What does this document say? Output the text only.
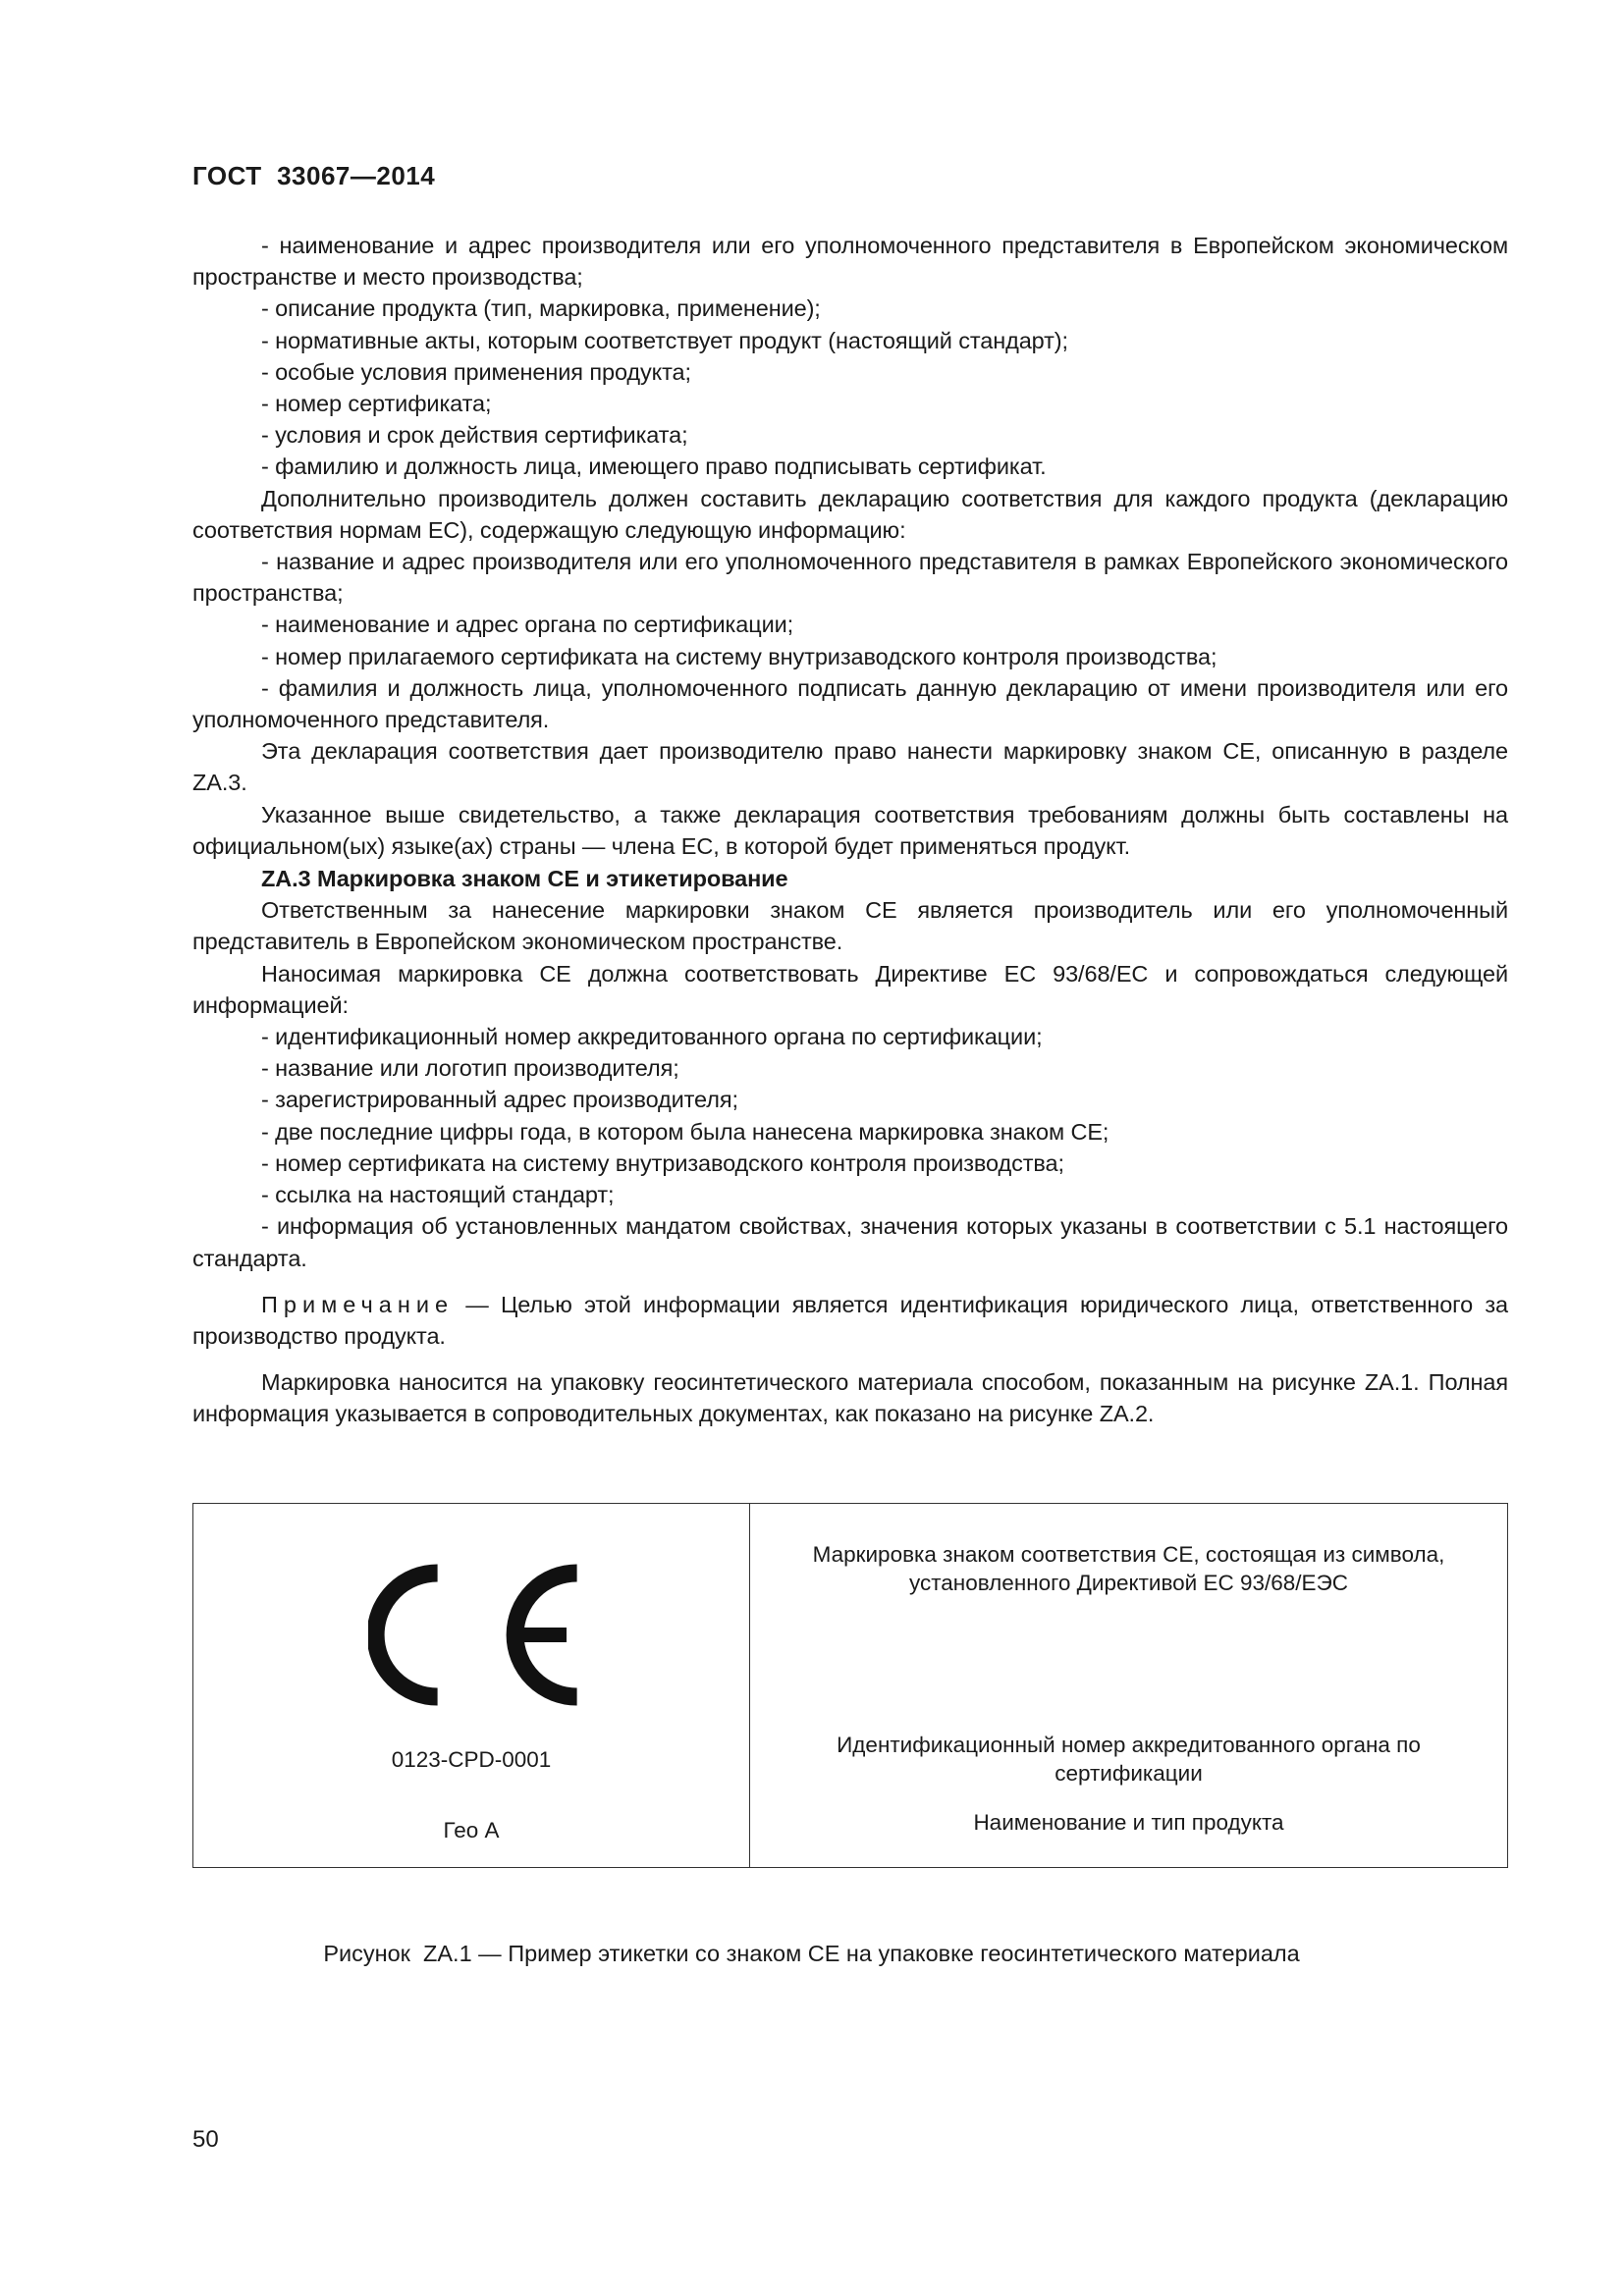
ГОСТ  33067—2014

- наименование и адрес производителя или его уполномоченного представителя в Европейском экономическом пространстве и место производства;

- описание продукта (тип, маркировка, применение);

- нормативные акты, которым соответствует продукт (настоящий стандарт);

- особые условия применения продукта;

- номер сертификата;

- условия и срок действия сертификата;

- фамилию и должность лица, имеющего право подписывать сертификат.

Дополнительно производитель должен составить декларацию соответствия для каждого продукта (декларацию соответствия нормам ЕС), содержащую следующую информацию:

- название и адрес производителя или его уполномоченного представителя в рамках Европейского экономического пространства;

- наименование и адрес органа по сертификации;

- номер прилагаемого сертификата на систему внутризаводского контроля производства;

- фамилия и должность лица, уполномоченного подписать данную декларацию от имени производителя или его уполномоченного представителя.

Эта декларация соответствия дает производителю право нанести маркировку знаком СЕ, описанную в разделе ZA.3.

Указанное выше свидетельство, а также декларация соответствия требованиям должны быть составлены на официальном(ых) языке(ах) страны — члена ЕС, в которой будет применяться продукт.

ZA.3 Маркировка знаком СЕ и этикетирование

Ответственным за нанесение маркировки знаком СЕ является производитель или его уполномоченный представитель в Европейском экономическом пространстве.

Наносимая маркировка СЕ должна соответствовать Директиве ЕС 93/68/ЕС и сопровождаться следующей информацией:

- идентификационный номер аккредитованного органа по сертификации;

- название или логотип производителя;

- зарегистрированный адрес производителя;

- две последние цифры года, в котором была нанесена маркировка знаком СЕ;

- номер сертификата на систему внутризаводского контроля производства;

- ссылка на настоящий стандарт;

- информация об установленных мандатом свойствах, значения которых указаны в соответствии с 5.1 настоящего стандарта.

Примечание — Целью этой информации является идентификация юридического лица, ответственного за производство продукта.

Маркировка наносится на упаковку геосинтетического материала способом, показанным на рисунке ZA.1. Полная информация указывается в сопроводительных документах, как показано на рисунке ZA.2.

0123-CPD-0001
Гео А
Маркировка знаком соответствия СЕ, состоящая из символа, установленного Директивой ЕС 93/68/ЕЭС
Идентификационный номер аккредитованного органа по сертификации
Наименование и тип продукта
Рисунок  ZA.1 — Пример этикетки со знаком СЕ на упаковке геосинтетического материала
50
